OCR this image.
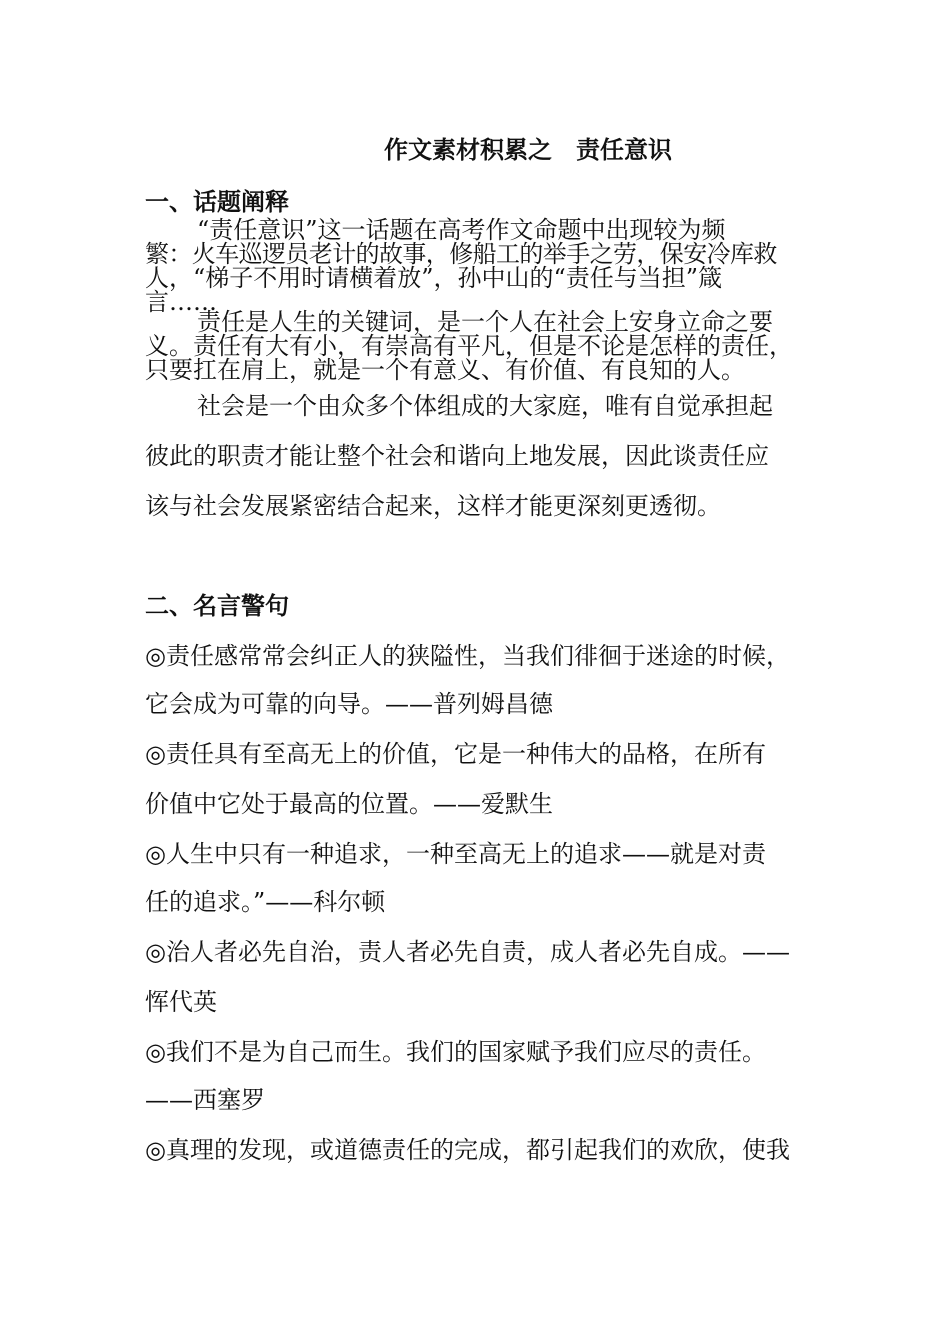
作文素材积累之　责任意识
一、话题阐释
“责任意识”这一话题在高考作文命题中出现较为频
繁：火车巡逻员老计的故事，修船工的举手之劳，保安冷库救
人，“梯子不用时请横着放”，孙中山的“责任与当担”箴
言……
责任是人生的关键词，是一个人在社会上安身立命之要
义。责任有大有小，有崇高有平凡，但是不论是怎样的责任，
只要扛在肩上，就是一个有意义、有价值、有良知的人。
社会是一个由众多个体组成的大家庭，唯有自觉承担起
彼此的职责才能让整个社会和谐向上地发展，因此谈责任应
该与社会发展紧密结合起来，这样才能更深刻更透彻。
二、名言警句
◎责任感常常会纠正人的狭隘性，当我们徘徊于迷途的时候，
它会成为可靠的向导。——普列姆昌德
◎责任具有至高无上的价值，它是一种伟大的品格，在所有
价值中它处于最高的位置。——爱默生
◎人生中只有一种追求，一种至高无上的追求——就是对责
任的追求。”——科尔顿
◎治人者必先自治，责人者必先自责，成人者必先自成。——
恽代英
◎我们不是为自己而生。我们的国家赋予我们应尽的责任。
——西塞罗
◎真理的发现，或道德责任的完成，都引起我们的欢欣，使我
